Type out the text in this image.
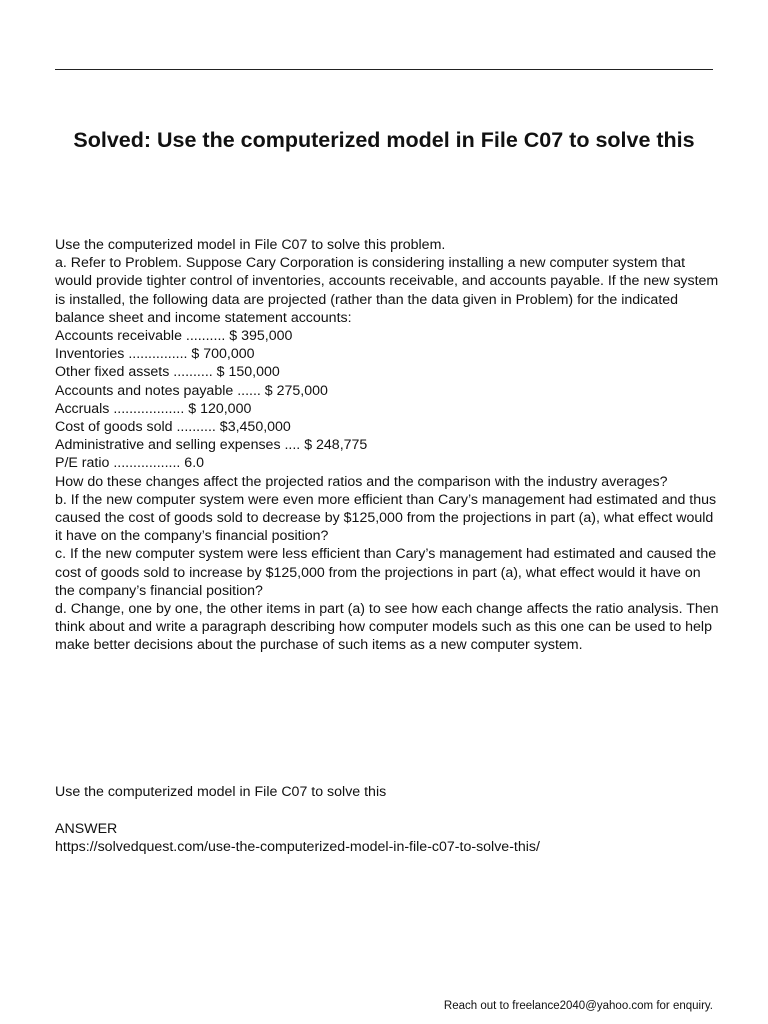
Solved: Use the computerized model in File C07 to solve this

Use the computerized model in File C07 to solve this problem.

a. Refer to Problem. Suppose Cary Corporation is considering installing a new computer system that would provide tighter control of inventories, accounts receivable, and accounts payable. If the new system is installed, the following data are projected (rather than the data given in Problem) for the indicated balance sheet and income statement accounts:

Accounts receivable .......... $ 395,000

Inventories ............... $ 700,000

Other fixed assets .......... $ 150,000

Accounts and notes payable ...... $ 275,000

Accruals .................. $ 120,000

Cost of goods sold .......... $3,450,000

Administrative and selling expenses .... $ 248,775

P/E ratio ................. 6.0

How do these changes affect the projected ratios and the comparison with the industry averages?

b. If the new computer system were even more efficient than Cary’s management had estimated and thus caused the cost of goods sold to decrease by $125,000 from the projections in part (a), what effect would it have on the company’s financial position?

c. If the new computer system were less efficient than Cary’s management had estimated and caused the cost of goods sold to increase by $125,000 from the projections in part (a), what effect would it have on the company’s financial position?

d. Change, one by one, the other items in part (a) to see how each change affects the ratio analysis. Then think about and write a paragraph describing how computer models such as this one can be used to help make better decisions about the purchase of such items as a new computer system.

Use the computerized model in File C07 to solve this
ANSWER
https://solvedquest.com/use-the-computerized-model-in-file-c07-to-solve-this/
Reach out to freelance2040@yahoo.com for enquiry.
